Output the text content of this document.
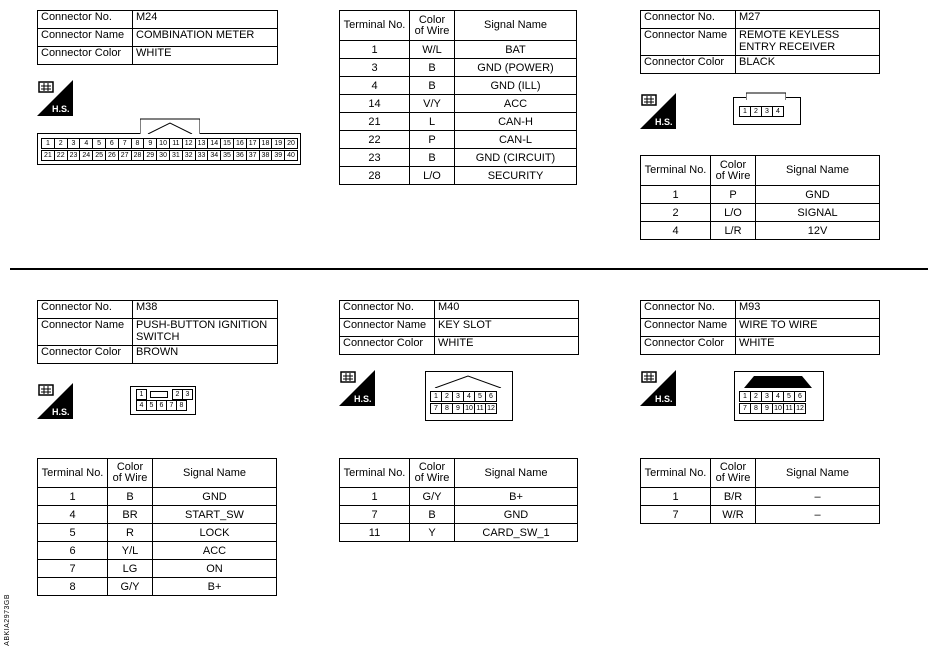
Connector No.	M24
Connector Name	COMBINATION METER
Connector Color	WHITE
H.S.
1	2	3	4	5	6	7	8	9 10 11 12 13 14 15 16 17 18 19 20
21 22 23 24 25 26 27 28 29 30 31 32 33 34 35 36 37 38 39 40
Terminal No.	Color of Wire	Signal Name
1	W/L	BAT
3	B	GND (POWER)
4	B	GND (ILL)
14	V/Y	ACC
21	L	CAN-H
22	P	CAN-L
23	B	GND (CIRCUIT)
28	L/O	SECURITY
Connector No.	M27
Connector Name	REMOTE KEYLESS ENTRY RECEIVER
Connector Color	BLACK
H.S.
1	2	3	4
Terminal No.	Color of Wire	Signal Name
1	P	GND
2	L/O	SIGNAL
4	L/R	12V
Connector No.	M38
Connector Name	PUSH-BUTTON IGNITION SWITCH
Connector Color	BROWN
H.S.
1	2 3
4 5 6 7 8
Terminal No.	Color of Wire	Signal Name
1	B	GND
4	BR	START_SW
5	R	LOCK
6	Y/L	ACC
7	LG	ON
8	G/Y	B+
Connector No.	M40
Connector Name	KEY SLOT
Connector Color	WHITE
H.S.	1	2	3	4	5	6
7	8	9 10 11 12
Terminal No.	Color of Wire	Signal Name
1	G/Y	B+
7	B	GND
11	Y	CARD_SW_1
Connector No.	M93
Connector Name	WIRE TO WIRE
Connector Color	WHITE
H.S.	1	2	3	4	5	6
7	8	9 10 11 12
Terminal No.	Color of Wire	Signal Name
1	B/R	–
7	W/R	–
ABKIA2973GB
